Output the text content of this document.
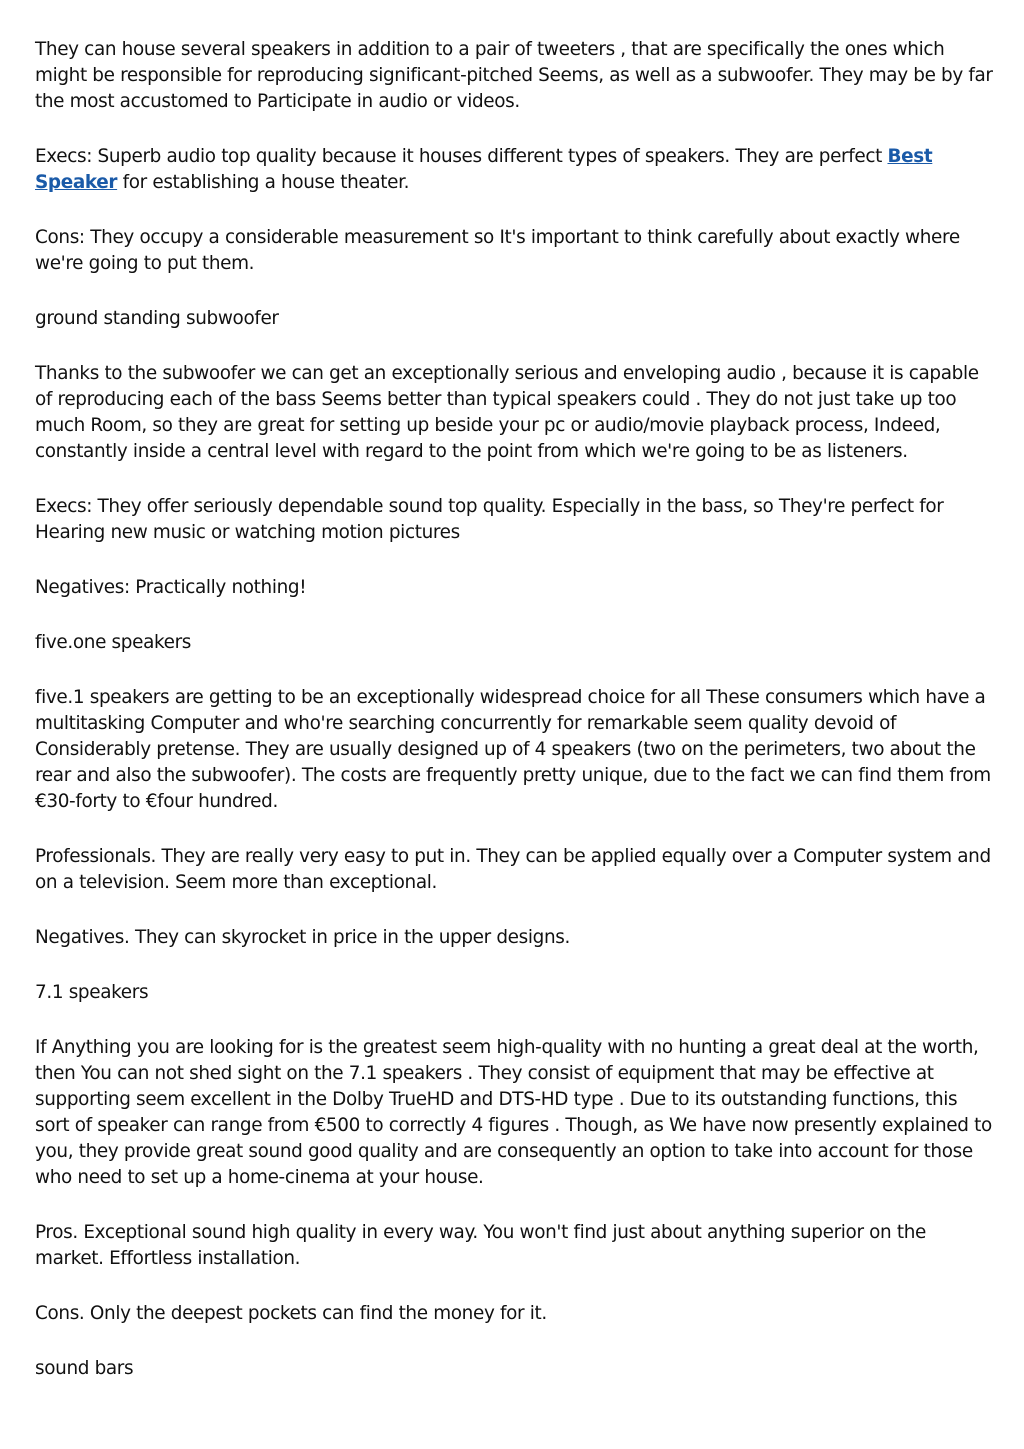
They can house several speakers in addition to a pair of tweeters , that are specifically the ones which might be responsible for reproducing significant-pitched Seems, as well as a subwoofer. They may be by far the most accustomed to Participate in audio or videos.

Execs: Superb audio top quality because it houses different types of speakers. They are perfect Best Speaker for establishing a house theater.

Cons: They occupy a considerable measurement so It's important to think carefully about exactly where we're going to put them.

ground standing subwoofer

Thanks to the subwoofer we can get an exceptionally serious and enveloping audio , because it is capable of reproducing each of the bass Seems better than typical speakers could . They do not just take up too much Room, so they are great for setting up beside your pc or audio/movie playback process, Indeed, constantly inside a central level with regard to the point from which we're going to be as listeners.

Execs: They offer seriously dependable sound top quality. Especially in the bass, so They're perfect for Hearing new music or watching motion pictures

Negatives: Practically nothing!

five.one speakers

five.1 speakers are getting to be an exceptionally widespread choice for all These consumers which have a multitasking Computer and who're searching concurrently for remarkable seem quality devoid of Considerably pretense. They are usually designed up of 4 speakers (two on the perimeters, two about the rear and also the subwoofer). The costs are frequently pretty unique, due to the fact we can find them from €30-forty to €four hundred.

Professionals. They are really very easy to put in. They can be applied equally over a Computer system and on a television. Seem more than exceptional.

Negatives. They can skyrocket in price in the upper designs.

7.1 speakers

If Anything you are looking for is the greatest seem high-quality with no hunting a great deal at the worth, then You can not shed sight on the 7.1 speakers . They consist of equipment that may be effective at supporting seem excellent in the Dolby TrueHD and DTS-HD type . Due to its outstanding functions, this sort of speaker can range from €500 to correctly 4 figures . Though, as We have now presently explained to you, they provide great sound good quality and are consequently an option to take into account for those who need to set up a home-cinema at your house.

Pros. Exceptional sound high quality in every way. You won't find just about anything superior on the market. Effortless installation.

Cons. Only the deepest pockets can find the money for it.

sound bars
